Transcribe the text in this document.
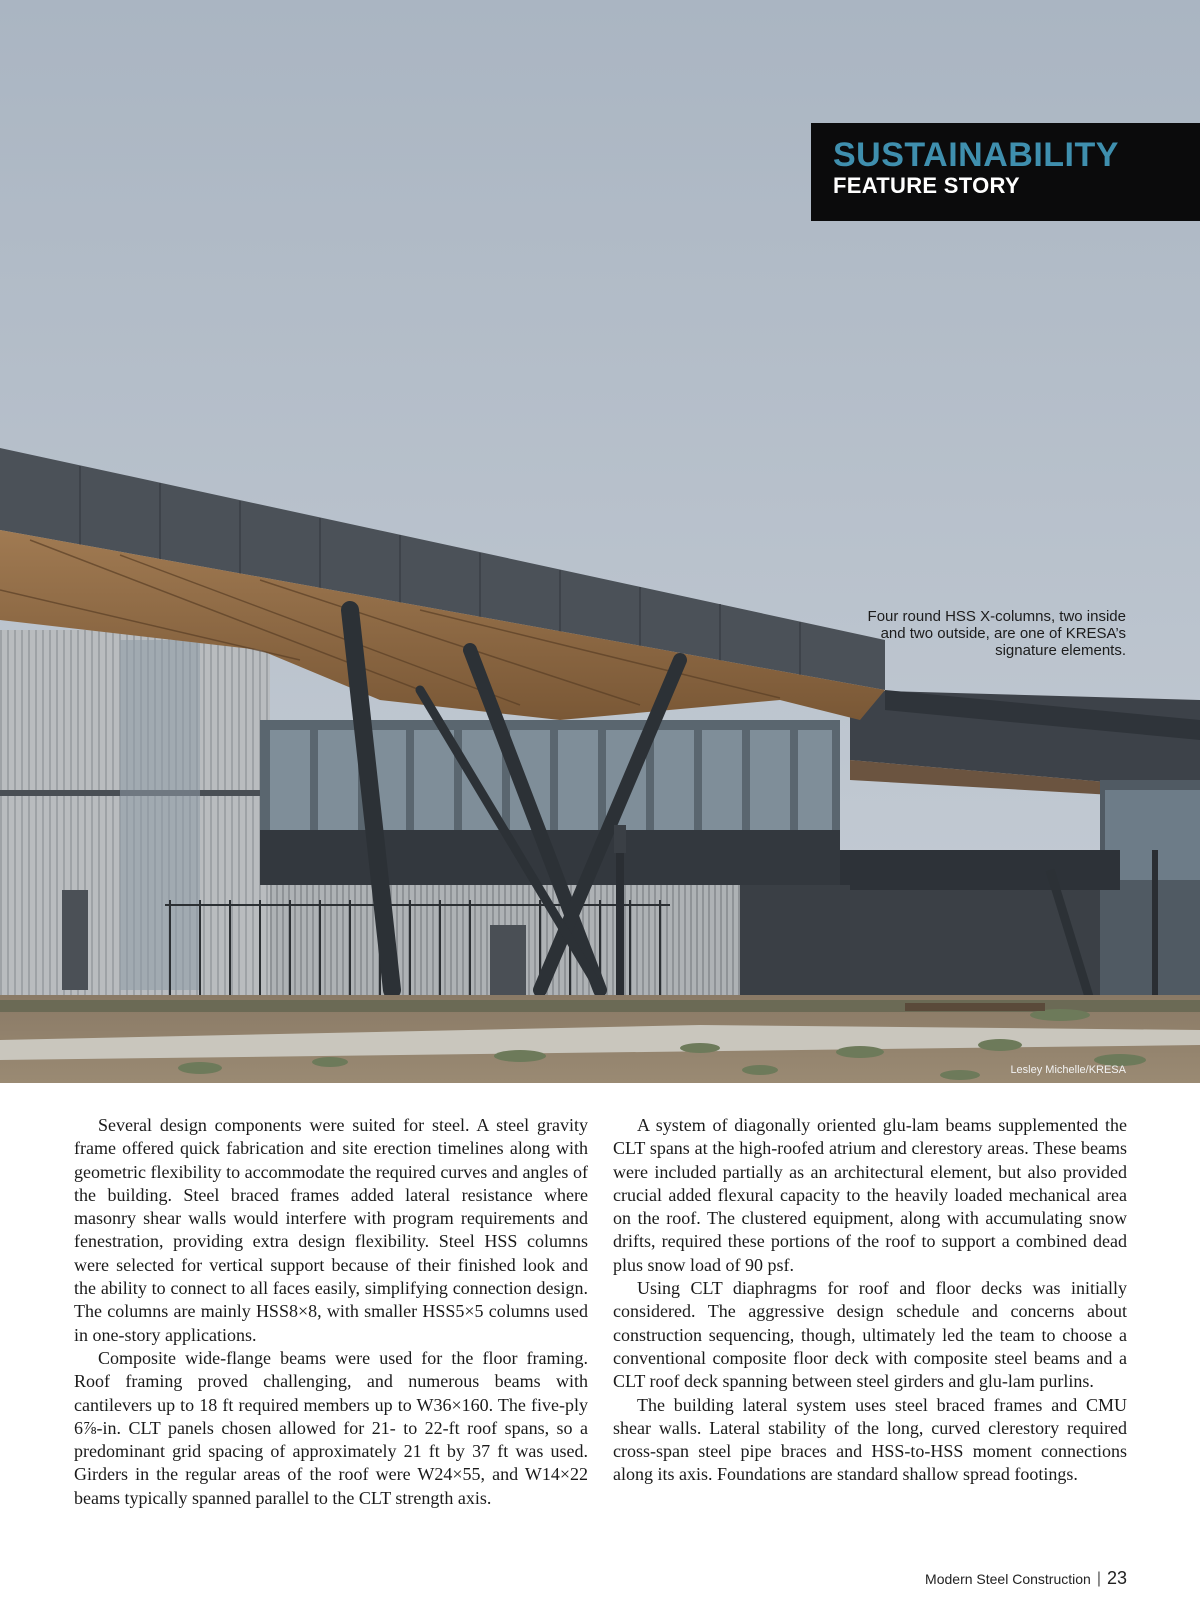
SUSTAINABILITY
FEATURE STORY
Four round HSS X-columns, two inside and two outside, are one of KRESA’s signature elements.
Lesley Michelle/KRESA

Several design components were suited for steel. A steel gravity frame offered quick fabrication and site erection timelines along with geometric flexibility to accommodate the required curves and angles of the building. Steel braced frames added lateral resistance where masonry shear walls would interfere with program requirements and fenestration, providing extra design flexibility. Steel HSS columns were selected for vertical support because of their finished look and the ability to connect to all faces easily, simplifying connection design. The columns are mainly HSS8×8, with smaller HSS5×5 columns used in one-story applications.

Composite wide-flange beams were used for the floor framing. Roof framing proved challenging, and numerous beams with cantilevers up to 18 ft required members up to W36×160. The five-ply 6⅞-in. CLT panels chosen allowed for 21- to 22-ft roof spans, so a predominant grid spacing of approximately 21 ft by 37 ft was used. Girders in the regular areas of the roof were W24×55, and W14×22 beams typically spanned parallel to the CLT strength axis.

A system of diagonally oriented glu-lam beams supplemented the CLT spans at the high-roofed atrium and clerestory areas. These beams were included partially as an architectural element, but also provided crucial added flexural capacity to the heavily loaded mechanical area on the roof. The clustered equipment, along with accumulating snow drifts, required these portions of the roof to support a combined dead plus snow load of 90 psf.

Using CLT diaphragms for roof and floor decks was initially considered. The aggressive design schedule and concerns about construction sequencing, though, ultimately led the team to choose a conventional composite floor deck with composite steel beams and a CLT roof deck spanning between steel girders and glu-lam purlins.

The building lateral system uses steel braced frames and CMU shear walls. Lateral stability of the long, curved clerestory required cross-span steel pipe braces and HSS-to-HSS moment connections along its axis. Foundations are standard shallow spread footings.

Modern Steel Construction | 23
